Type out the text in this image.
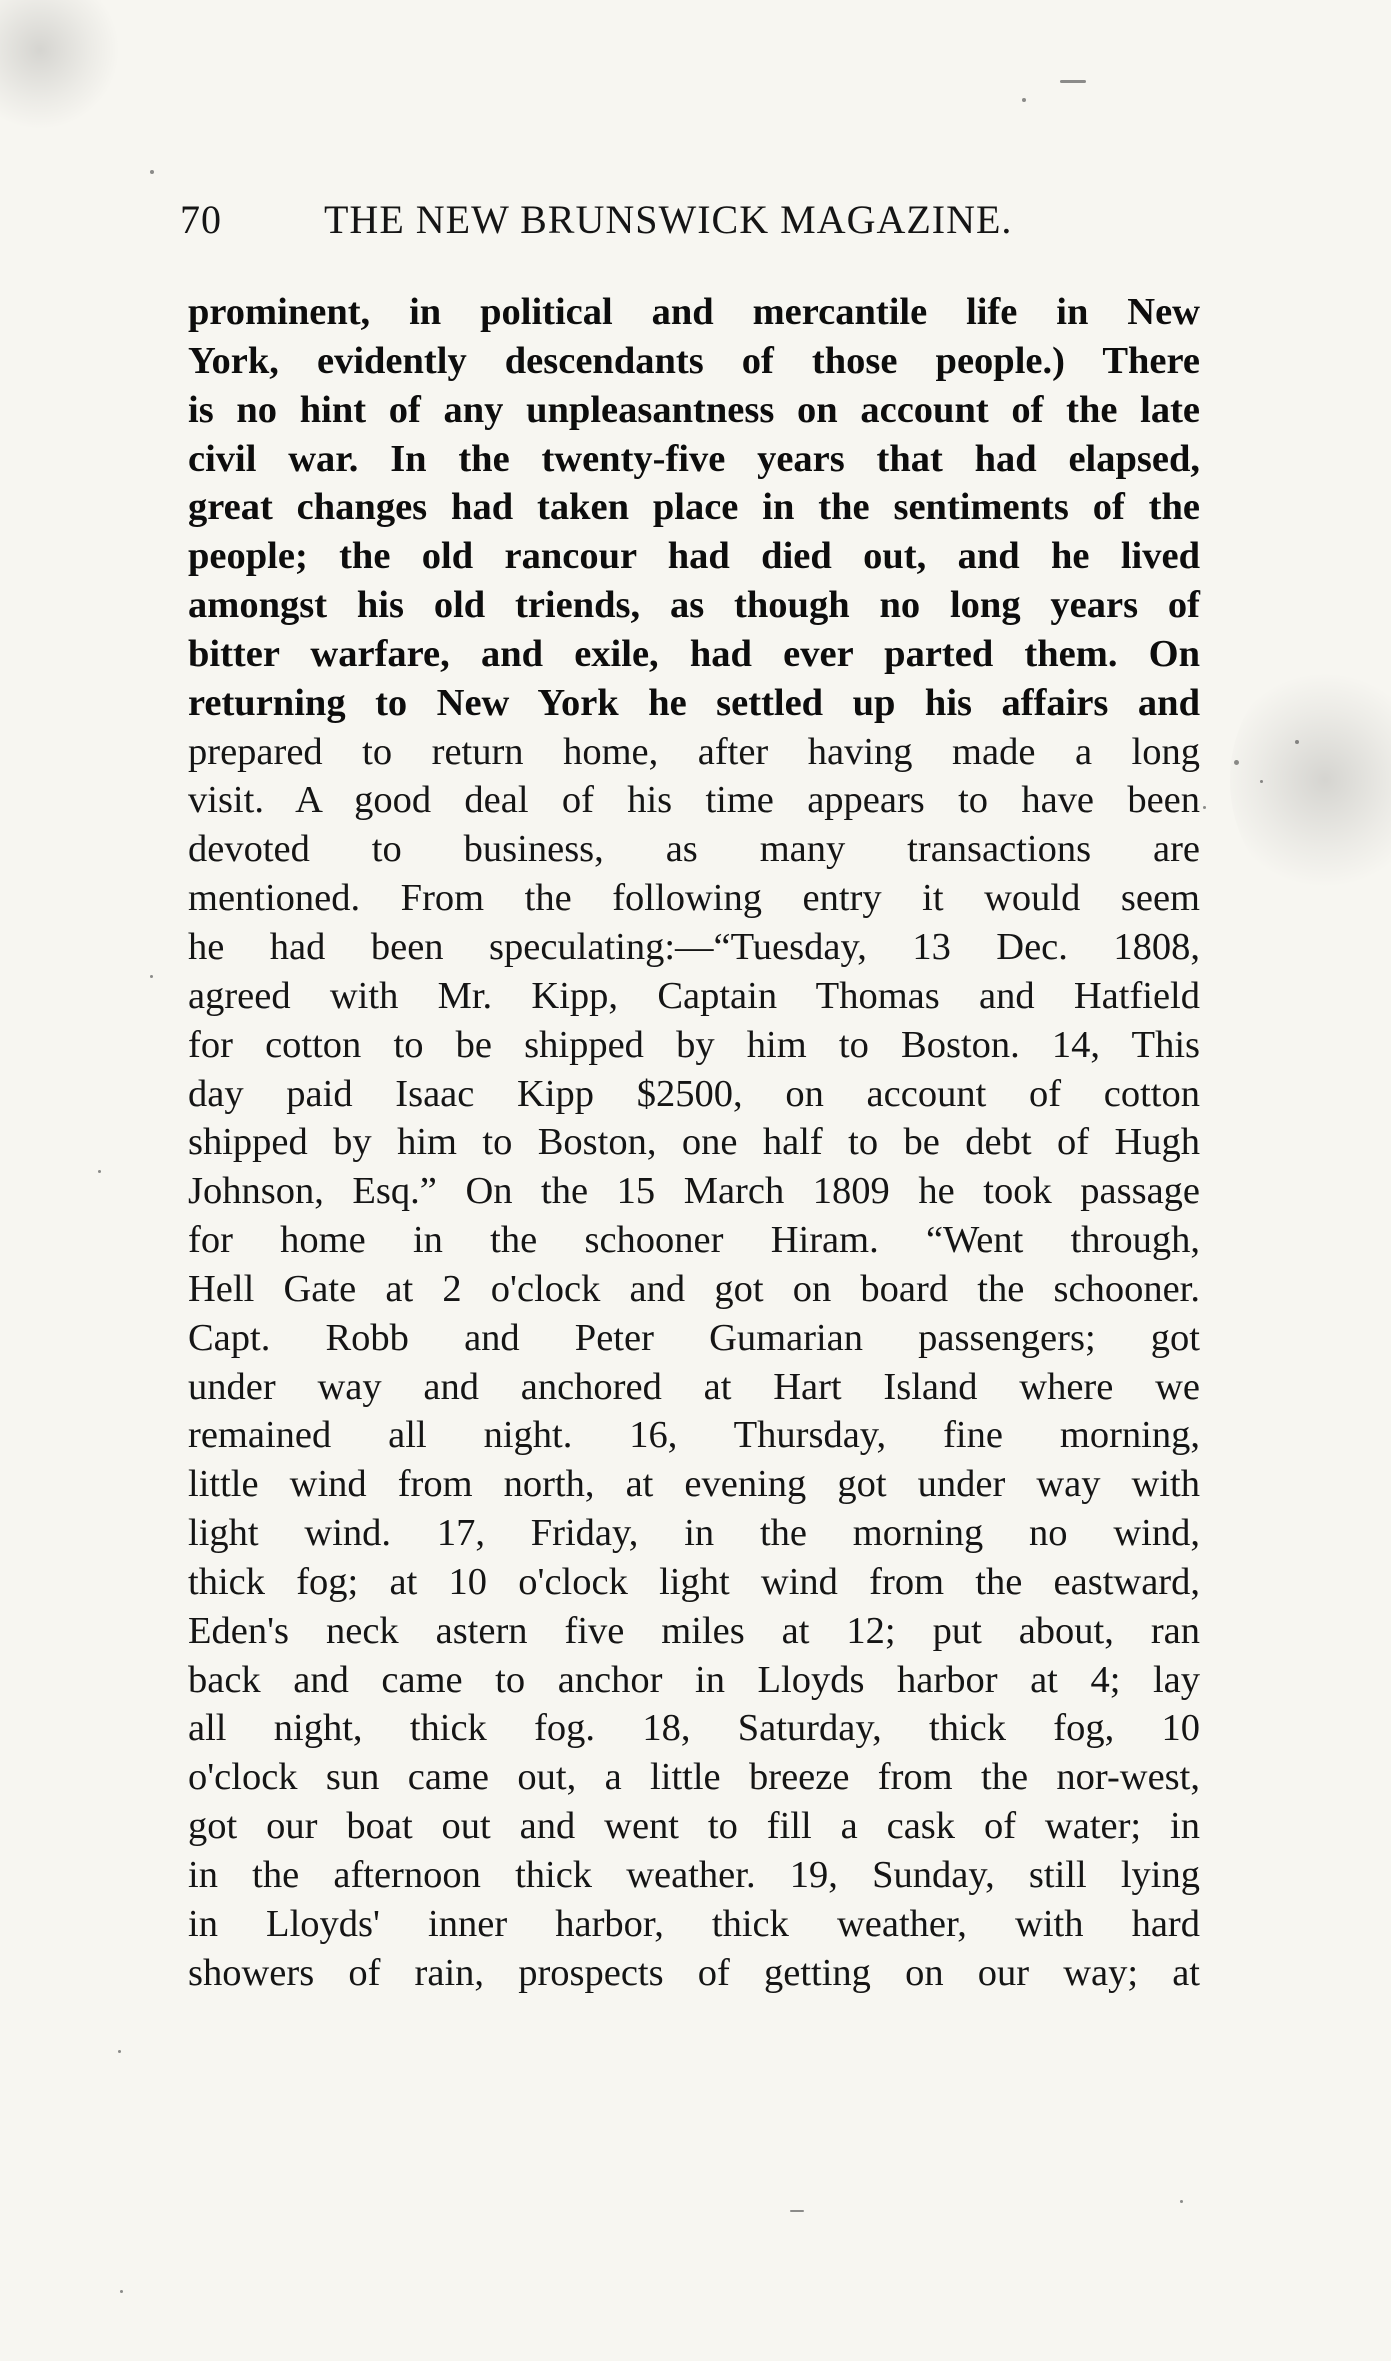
70	THE NEW BRUNSWICK MAGAZINE.
prominent, in political and mercantile life in New
York, evidently descendants of those people.) There
is no hint of any unpleasantness on account of the late
civil war. In the twenty-five years that had elapsed,
great changes had taken place in the sentiments of the
people; the old rancour had died out, and he lived
amongst his old triends, as though no long years of
bitter warfare, and exile, had ever parted them. On
returning to New York he settled up his affairs and
prepared to return home, after having made a long
visit. A good deal of his time appears to have been
devoted to business, as many transactions are
mentioned. From the following entry it would seem
he had been speculating:—“Tuesday, 13 Dec. 1808,
agreed with Mr. Kipp, Captain Thomas and Hatfield
for cotton to be shipped by him to Boston. 14, This
day paid Isaac Kipp $2500, on account of cotton
shipped by him to Boston, one half to be debt of Hugh
Johnson, Esq.” On the 15 March 1809 he took passage
for home in the schooner Hiram. “Went through,
Hell Gate at 2 o'clock and got on board the schooner.
Capt. Robb and Peter Gumarian passengers; got
under way and anchored at Hart Island where we
remained all night. 16, Thursday, fine morning,
little wind from north, at evening got under way with
light wind. 17, Friday, in the morning no wind,
thick fog; at 10 o'clock light wind from the eastward,
Eden's neck astern five miles at 12; put about, ran
back and came to anchor in Lloyds harbor at 4; lay
all night, thick fog. 18, Saturday, thick fog, 10
o'clock sun came out, a little breeze from the nor-west,
got our boat out and went to fill a cask of water; in
in the afternoon thick weather. 19, Sunday, still lying
in Lloyds' inner harbor, thick weather, with hard
showers of rain, prospects of getting on our way; at
